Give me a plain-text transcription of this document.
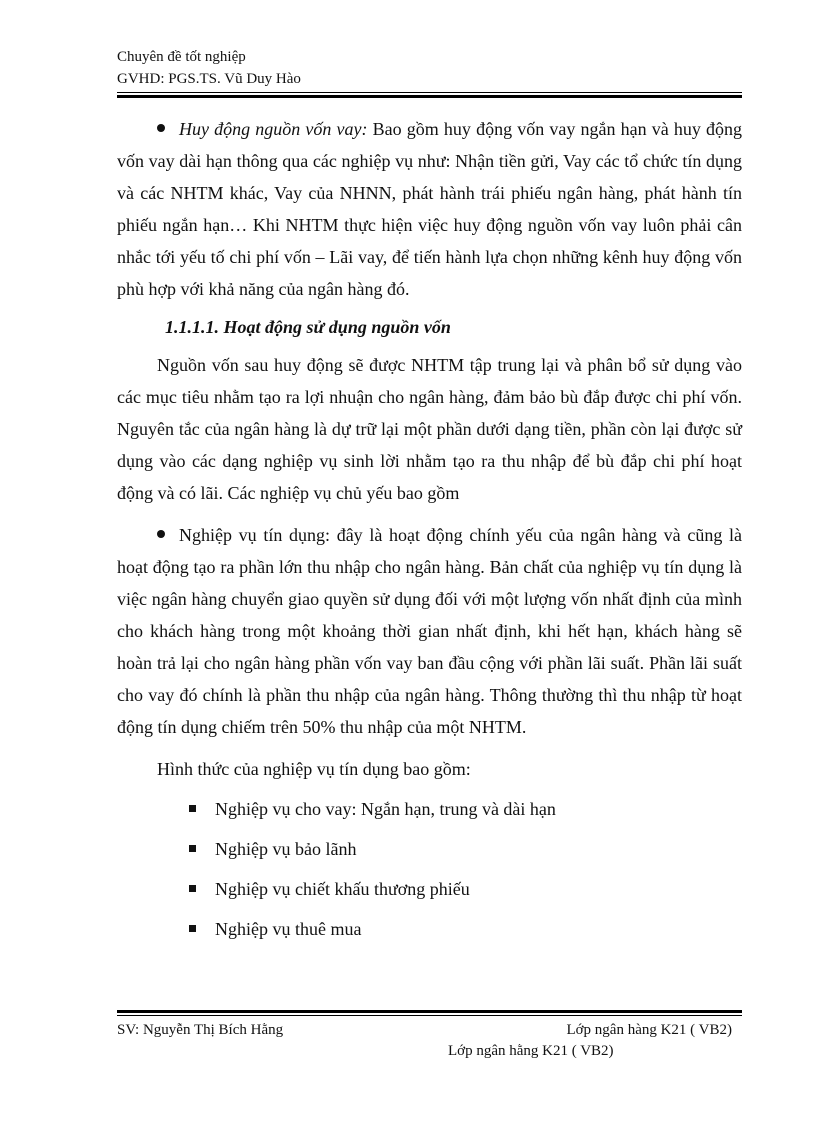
Chuyên đề tốt nghiệp
GVHD: PGS.TS. Vũ Duy Hào

Huy động nguồn vốn vay: Bao gồm huy động vốn vay ngắn hạn và huy động vốn vay dài hạn thông qua các nghiệp vụ như: Nhận tiền gửi, Vay các tổ chức tín dụng và các NHTM khác, Vay của NHNN, phát hành trái phiếu ngân hàng, phát hành tín phiếu ngắn hạn… Khi NHTM thực hiện việc huy động nguồn vốn vay luôn phải cân nhắc tới yếu tố chi phí vốn – Lãi vay, để tiến hành lựa chọn những kênh huy động vốn phù hợp với khả năng của ngân hàng đó.

1.1.1.1. Hoạt động sử dụng nguồn vốn

Nguồn vốn sau huy động sẽ được NHTM tập trung lại và phân bổ sử dụng vào các mục tiêu nhằm tạo ra lợi nhuận cho ngân hàng, đảm bảo bù đắp được chi phí vốn. Nguyên tắc của ngân hàng là dự trữ lại một phần dưới dạng tiền, phần còn lại được sử dụng vào các dạng nghiệp vụ sinh lời nhằm tạo ra thu nhập để bù đắp chi phí hoạt động và có lãi. Các nghiệp vụ chủ yếu bao gồm

Nghiệp vụ tín dụng: đây là hoạt động chính yếu của ngân hàng và cũng là hoạt động tạo ra phần lớn thu nhập cho ngân hàng. Bản chất của nghiệp vụ tín dụng là việc ngân hàng chuyển giao quyền sử dụng đối với một lượng vốn nhất định của mình cho khách hàng trong một khoảng thời gian nhất định, khi hết hạn, khách hàng sẽ hoàn trả lại cho ngân hàng phần vốn vay ban đầu cộng với phần lãi suất. Phần lãi suất cho vay đó chính là phần thu nhập của ngân hàng. Thông thường thì thu nhập từ hoạt động tín dụng chiếm trên 50% thu nhập của một NHTM.

Hình thức của nghiệp vụ tín dụng bao gồm:

Nghiệp vụ cho vay: Ngắn hạn, trung và dài hạn
Nghiệp vụ bảo lãnh
Nghiệp vụ chiết khấu thương phiếu
Nghiệp vụ thuê mua
SV: Nguyễn Thị Bích Hằng	Lớp ngân hàng K21 ( VB2)
Lớp ngân hằng K21 ( VB2)
